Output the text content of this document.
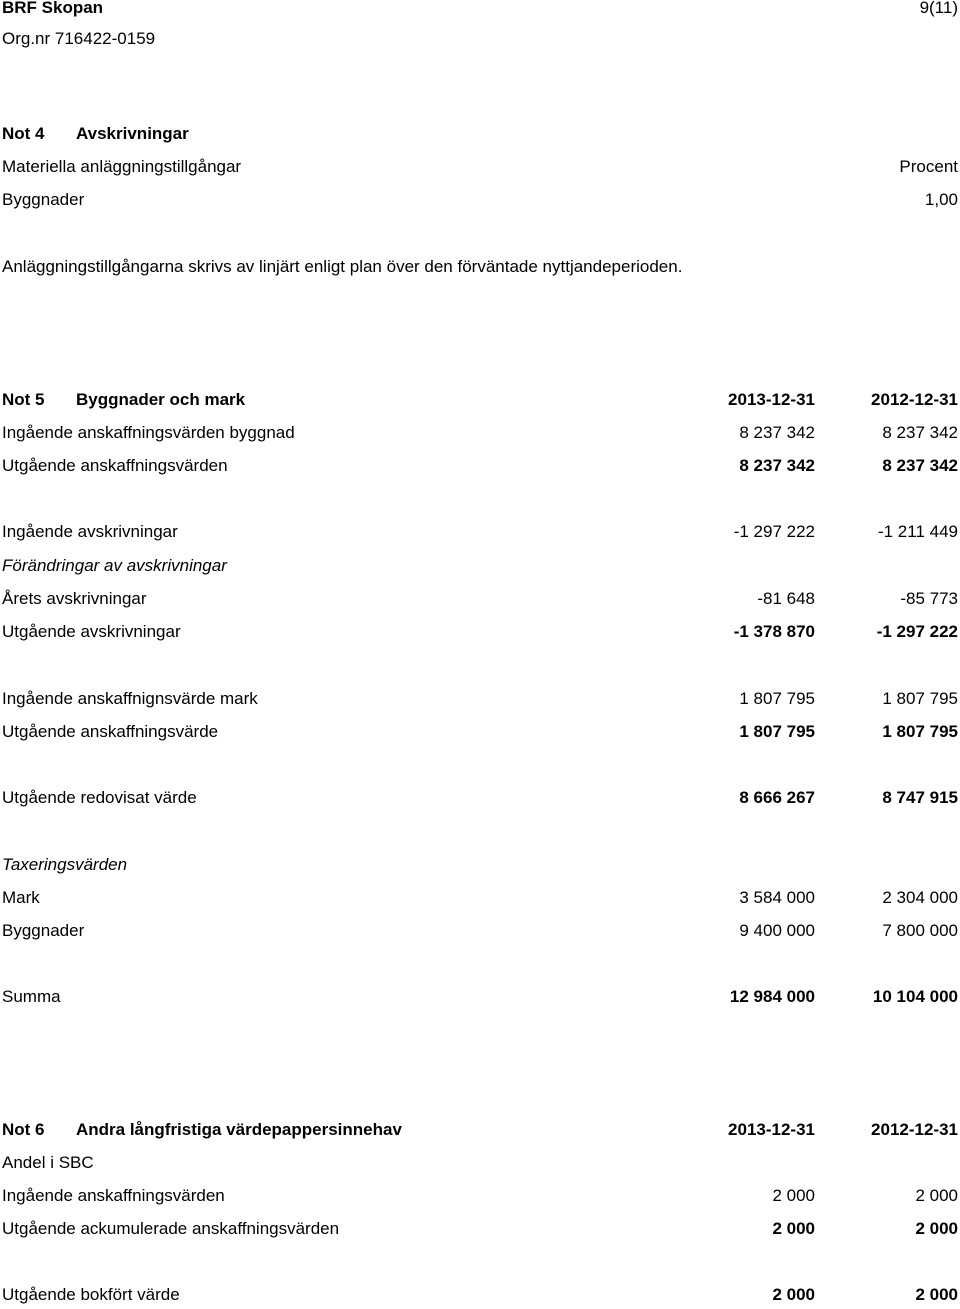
BRF Skopan	9(11)
Org.nr 716422-0159
Not 4 Avskrivningar
Materiella anläggningstillgångar	Procent
Byggnader	1,00
Anläggningstillgångarna skrivs av linjärt enligt plan över den förväntade nyttjandeperioden.
Not 5 Byggnader och mark	2013-12-31	2012-12-31
Ingående anskaffningsvärden byggnad	8 237 342	8 237 342
Utgående anskaffningsvärden	8 237 342	8 237 342
Ingående avskrivningar	-1 297 222	-1 211 449
Förändringar av avskrivningar
Årets avskrivningar	-81 648	-85 773
Utgående avskrivningar	-1 378 870	-1 297 222
Ingående anskaffnignsvärde mark	1 807 795	1 807 795
Utgående anskaffningsvärde	1 807 795	1 807 795
Utgående redovisat värde	8 666 267	8 747 915
Taxeringsvärden
Mark	3 584 000	2 304 000
Byggnader	9 400 000	7 800 000
Summa	12 984 000	10 104 000
Not 6 Andra långfristiga värdepappersinnehav	2013-12-31	2012-12-31
Andel i SBC
Ingående anskaffningsvärden	2 000	2 000
Utgående ackumulerade anskaffningsvärden	2 000	2 000
Utgående bokfört värde	2 000	2 000
